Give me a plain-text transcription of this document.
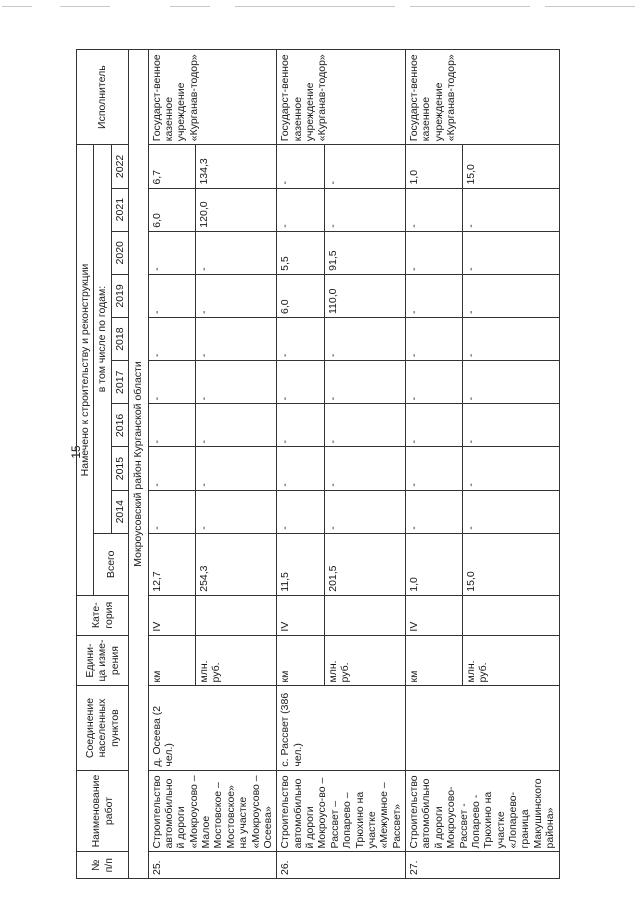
15
№ п/п	Наименование работ	Соединение населенных пунктов	Едини-ца изме-рения	Кате-гория	Намечено к строительству и реконструкции										Исполнитель
					Всего	в том числе по годам:									
						2014	2015	2016	2017	2018	2019	2020	2021	2022	
Мокроусовский район Курганской области															
25.	Строительство автомобильной дороги «Мокроусово – Малое Мостовское – Мостовское» на участке «Мокроусово – Осеева»	д. Осеева (2 чел.)	км	IV	12,7	-	-	-	-	-	-	-	6,0	6,7	Государст-венное казенное учреждение «Курганав-тодор»
			млн. руб.		254,3	-	-	-	-	-	-	-	120,0	134,3	
26.	Строительство автомобильной дороги Мокроусо-во – Рассвет – Лопарево – Трюхино на участке «Межумное – Рассвет»	с. Рассвет (386 чел.)	км	IV	11,5	-	-	-	-	-	6,0	5,5	-	-	Государст-венное казенное учреждение «Курганав-тодор»
			млн. руб.		201,5	-	-	-	-	-	110,0	91,5	-	-	
27.	Строительство автомобильной дороги Мокроусово-Рассвет - Лопарево - Трюхино на участке «Лопарево-граница Макушинского района»		км	IV	1,0	-	-	-	-	-	-	-	-	1,0	Государст-венное казенное учреждение «Курганав-тодор»
			млн. руб.		15,0	-	-	-	-	-	-	-	-	15,0	
